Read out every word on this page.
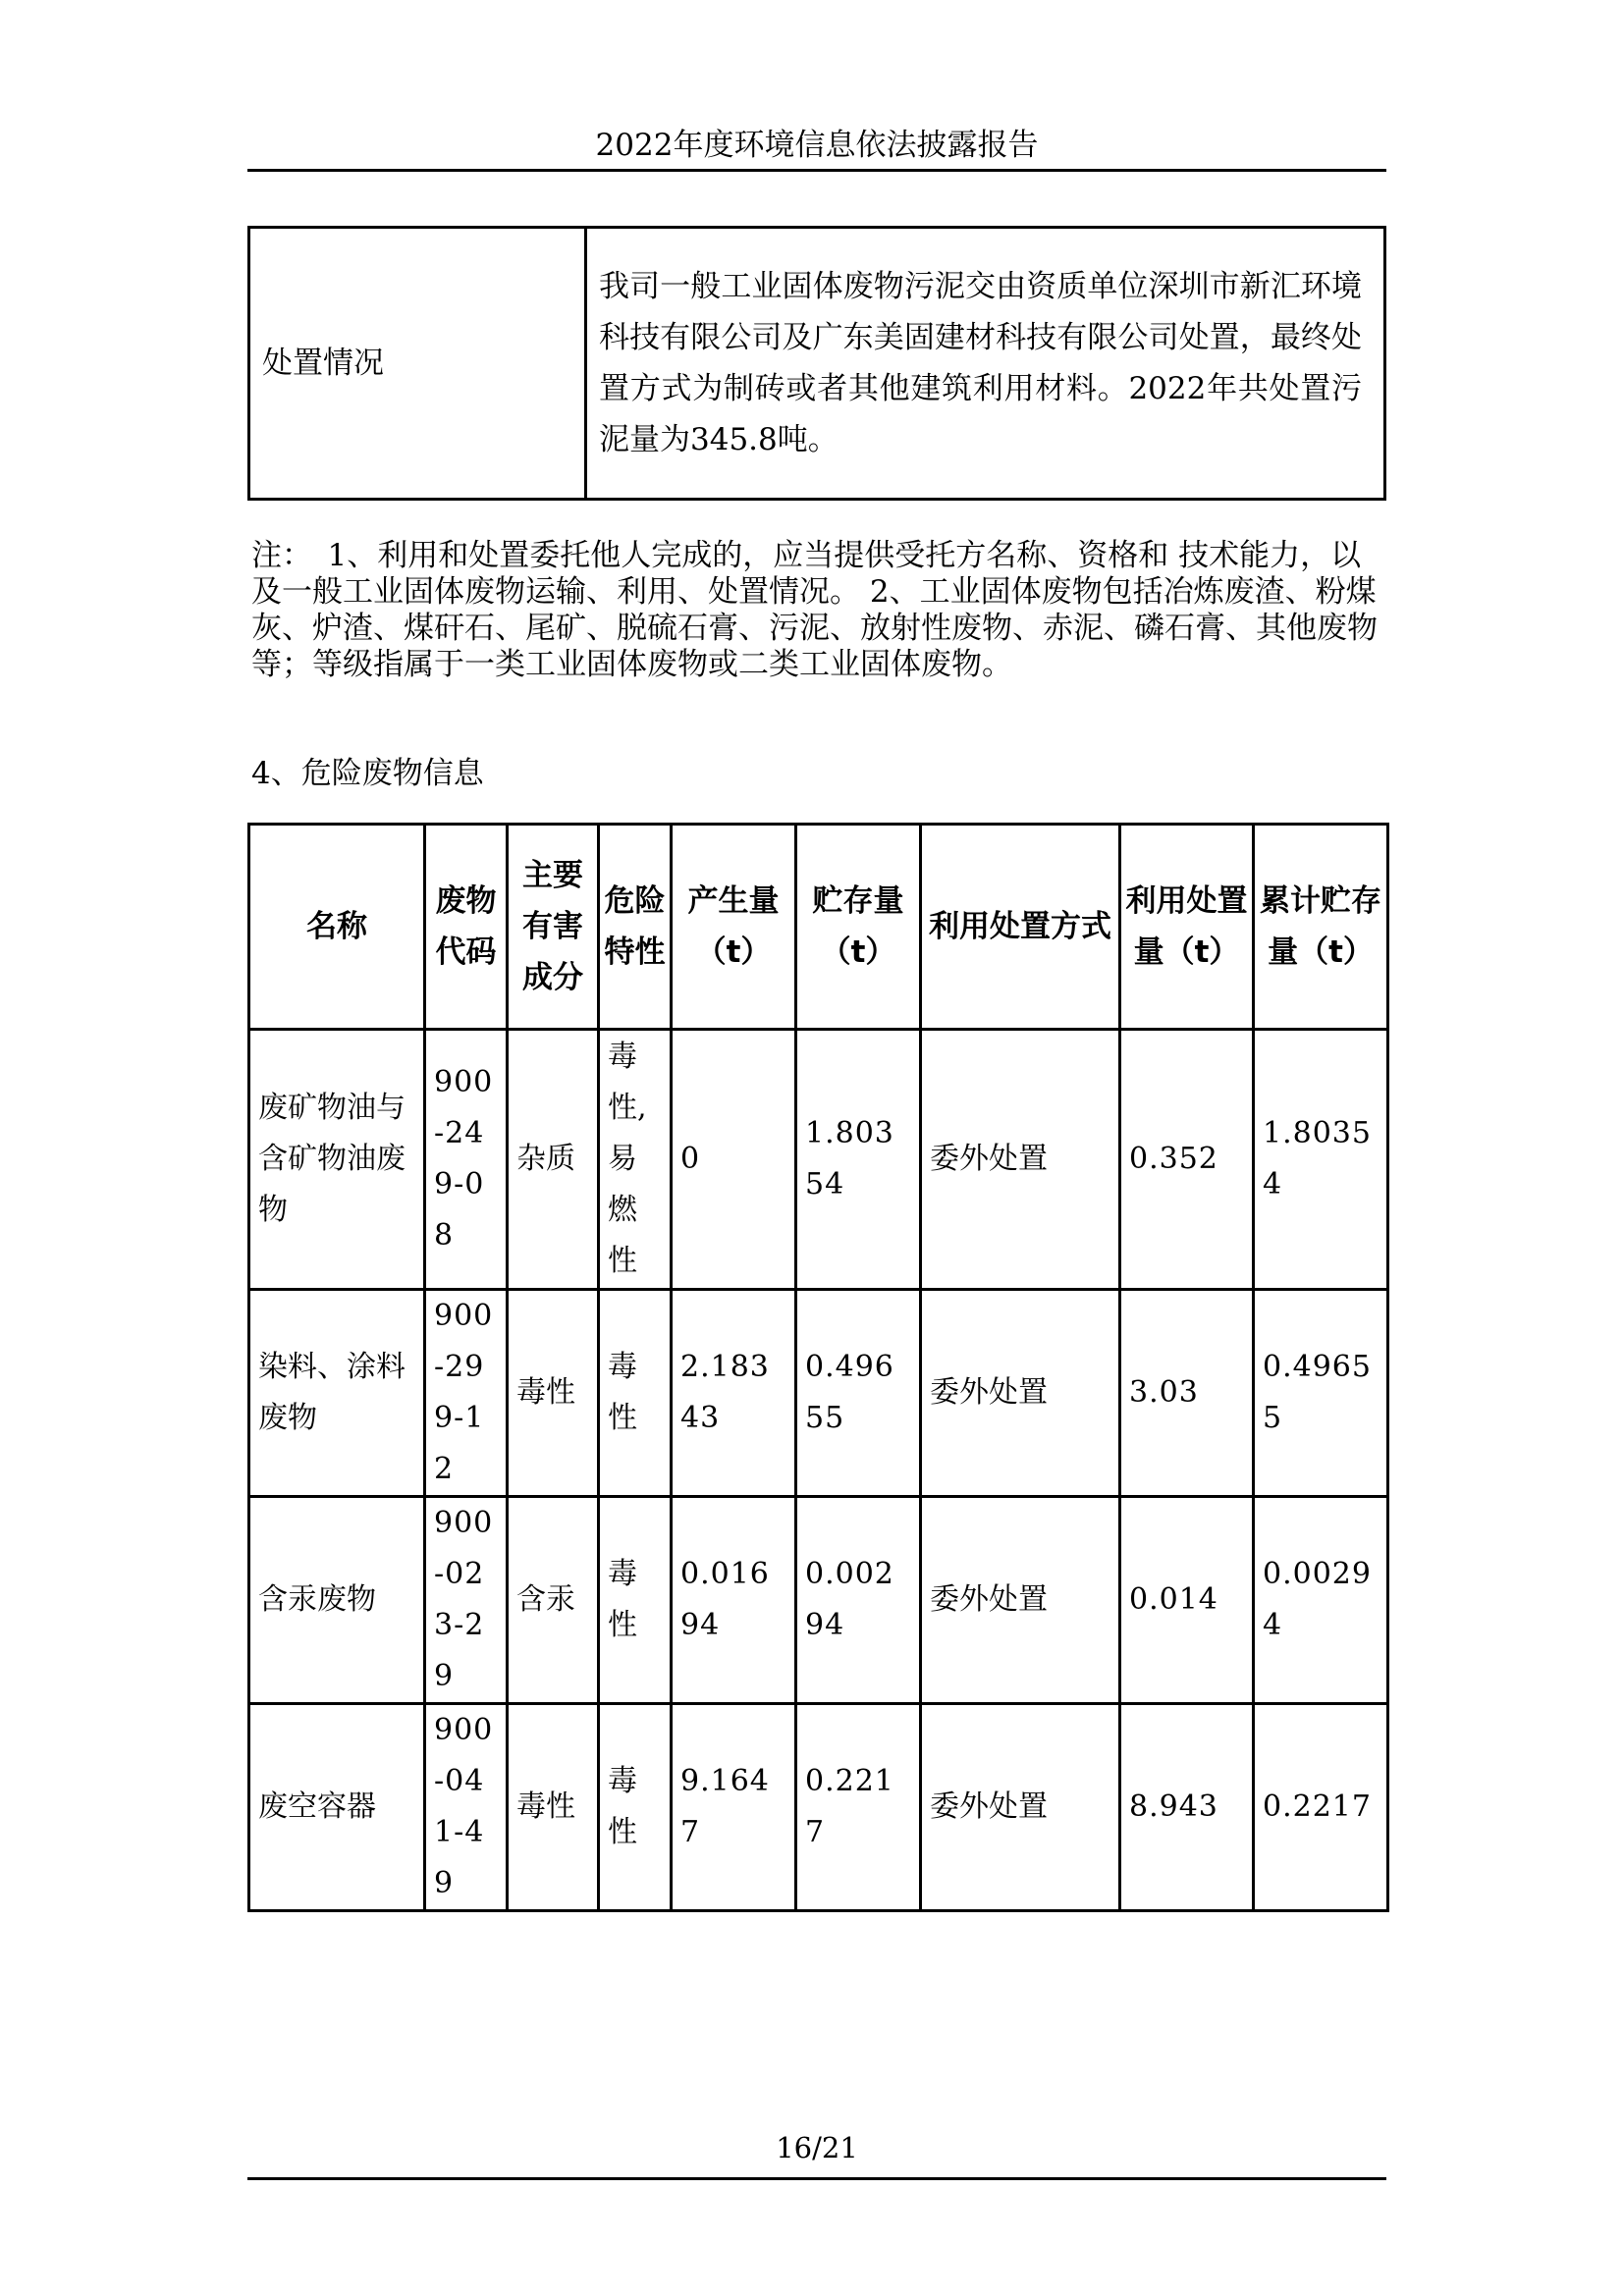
2022年度环境信息依法披露报告
处置情况	我司一般工业固体废物污泥交由资质单位深圳市新汇环境科技有限公司及广东美固建材科技有限公司处置，最终处置方式为制砖或者其他建筑利用材料。2022年共处置污泥量为345.8吨。

注：　1、利用和处置委托他人完成的，应当提供受托方名称、资格和 技术能力，以及一般工业固体废物运输、利用、处置情况。 2、工业固体废物包括冶炼废渣、粉煤灰、炉渣、煤矸石、尾矿、脱硫石膏、污泥、放射性废物、赤泥、磷石膏、其他废物等；等级指属于一类工业固体废物或二类工业固体废物。

4、危险废物信息
名称	废物代码	主要有害成分	危险特性	产生量（t）	贮存量（t）	利用处置方式	利用处置量（t）	累计贮存量（t）
废矿物油与含矿物油废物	900-249-08	杂质	毒性,易燃性	0	1.80354	委外处置	0.352	1.80354
染料、涂料废物	900-299-12	毒性	毒性	2.18343	0.49655	委外处置	3.03	0.49655
含汞废物	900-023-29	含汞	毒性	0.01694	0.00294	委外处置	0.014	0.00294
废空容器	900-041-49	毒性	毒性	9.1647	0.2217	委外处置	8.943	0.2217
16/21
